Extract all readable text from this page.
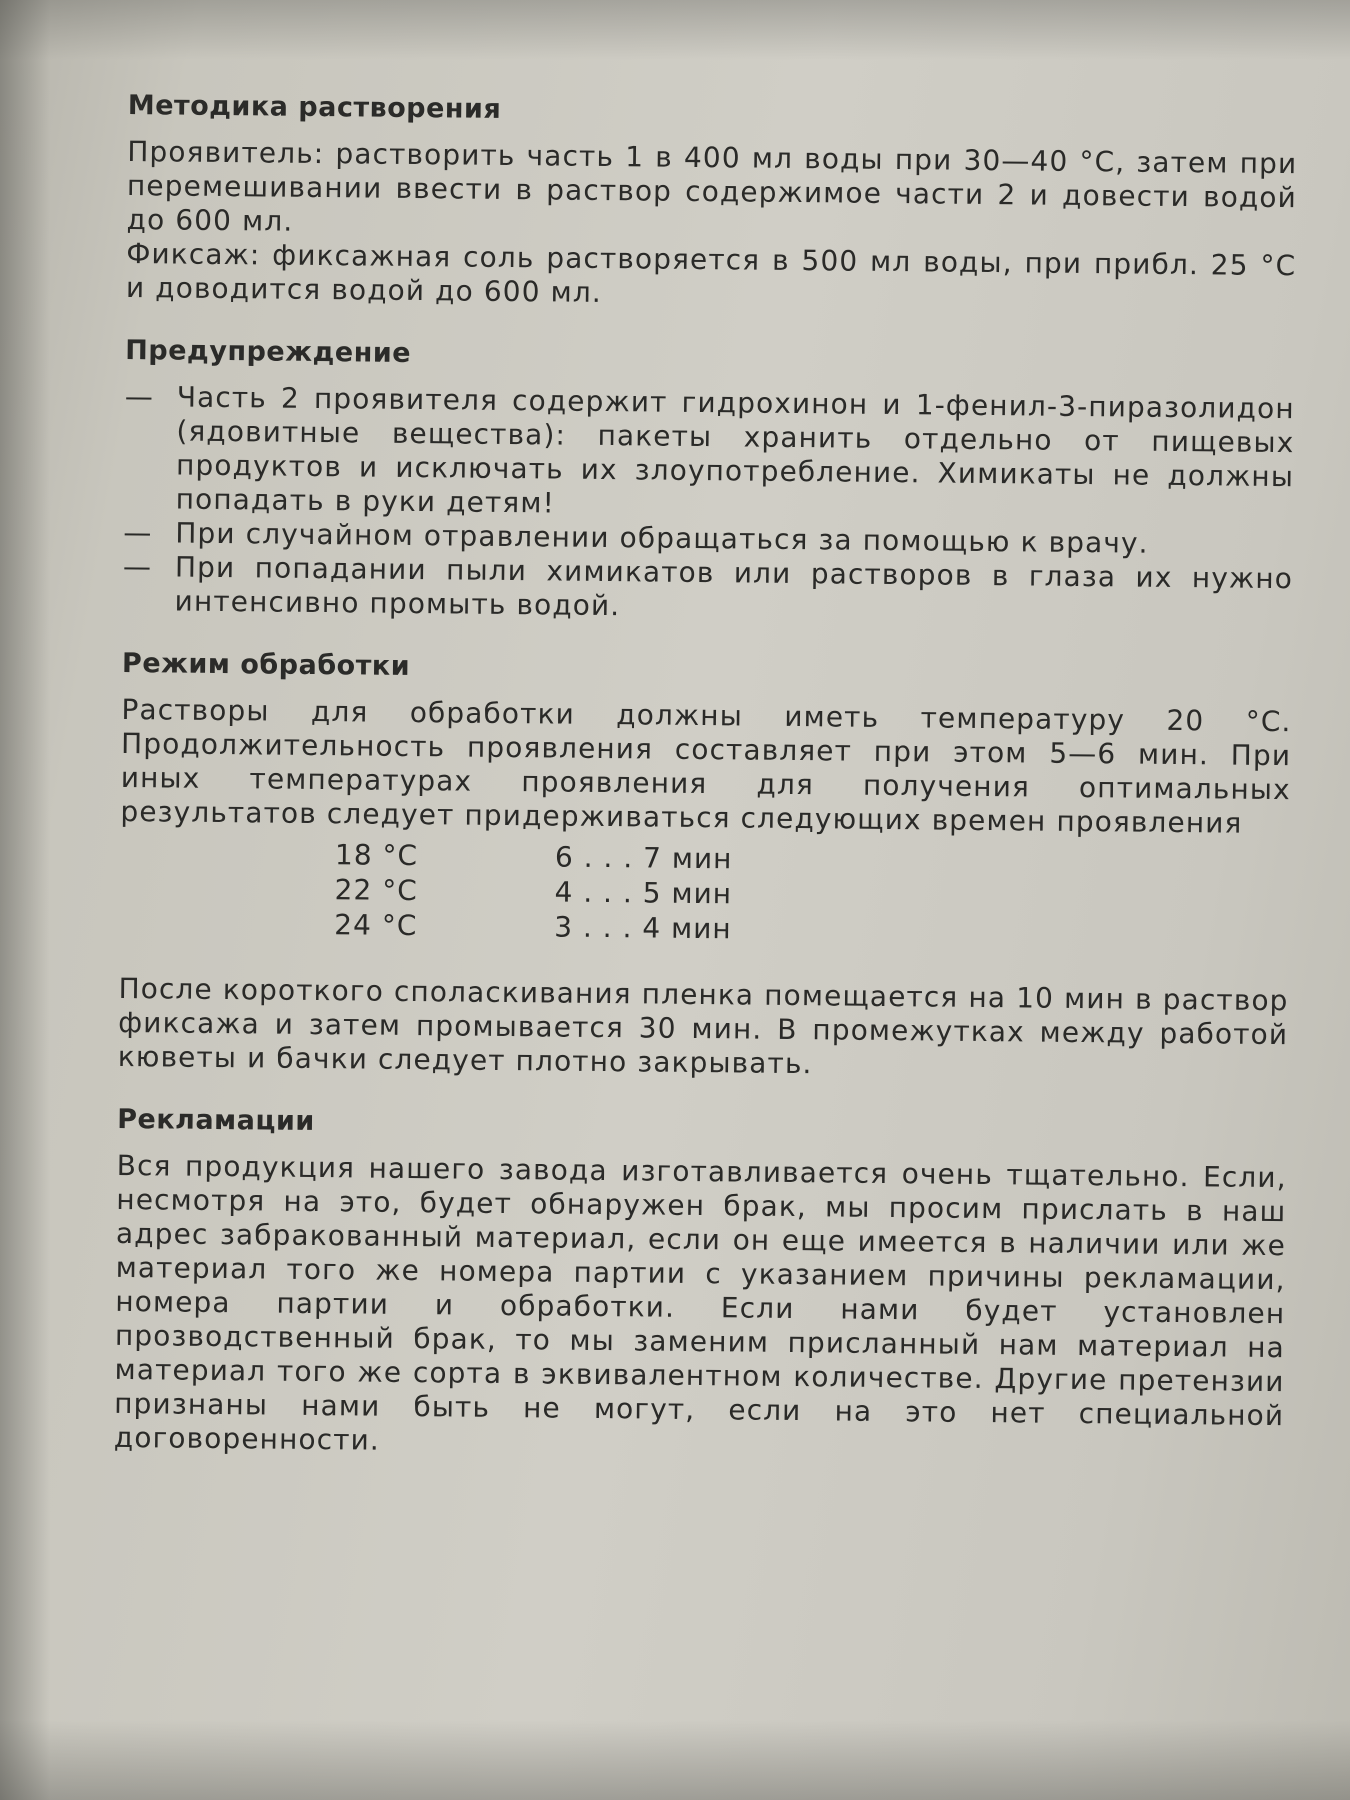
Методика растворения

Проявитель: растворить часть 1 в 400 мл воды при 30—40 °С, затем при перемешивании ввести в раствор содержимое части 2 и довести водой до 600 мл.

Фиксаж: фиксажная соль растворяется в 500 мл воды, при прибл. 25 °С и доводится водой до 600 мл.

Предупреждение
— Часть 2 проявителя содержит гидрохинон и 1-фенил-3-пиразолидон (ядовитные вещества): пакеты хранить отдельно от пищевых продуктов и исключать их злоупотребление. Химикаты не должны попадать в руки детям!
— При случайном отравлении обращаться за помощью к врачу.
— При попадании пыли химикатов или растворов в глаза их нужно интенсивно промыть водой.
Режим обработки

Растворы для обработки должны иметь температуру 20 °С. Продолжительность проявления составляет при этом 5—6 мин. При иных температурах проявления для получения оптимальных результатов следует придерживаться следующих времен проявления

18 °С	6 . . . 7 мин
22 °С	4 . . . 5 мин
24 °С	3 . . . 4 мин

После короткого споласкивания пленка помещается на 10 мин в раствор фиксажа и затем промывается 30 мин. В промежутках между работой кюветы и бачки следует плотно закрывать.

Рекламации

Вся продукция нашего завода изготавливается очень тщательно. Если, несмотря на это, будет обнаружен брак, мы просим прислать в наш адрес забракованный материал, если он еще имеется в наличии или же материал того же номера партии с указанием причины рекламации, номера партии и обработки. Если нами будет установлен прозводственный брак, то мы заменим присланный нам материал на материал того же сорта в эквивалентном количестве. Другие претензии признаны нами быть не могут, если на это нет специальной договоренности.
